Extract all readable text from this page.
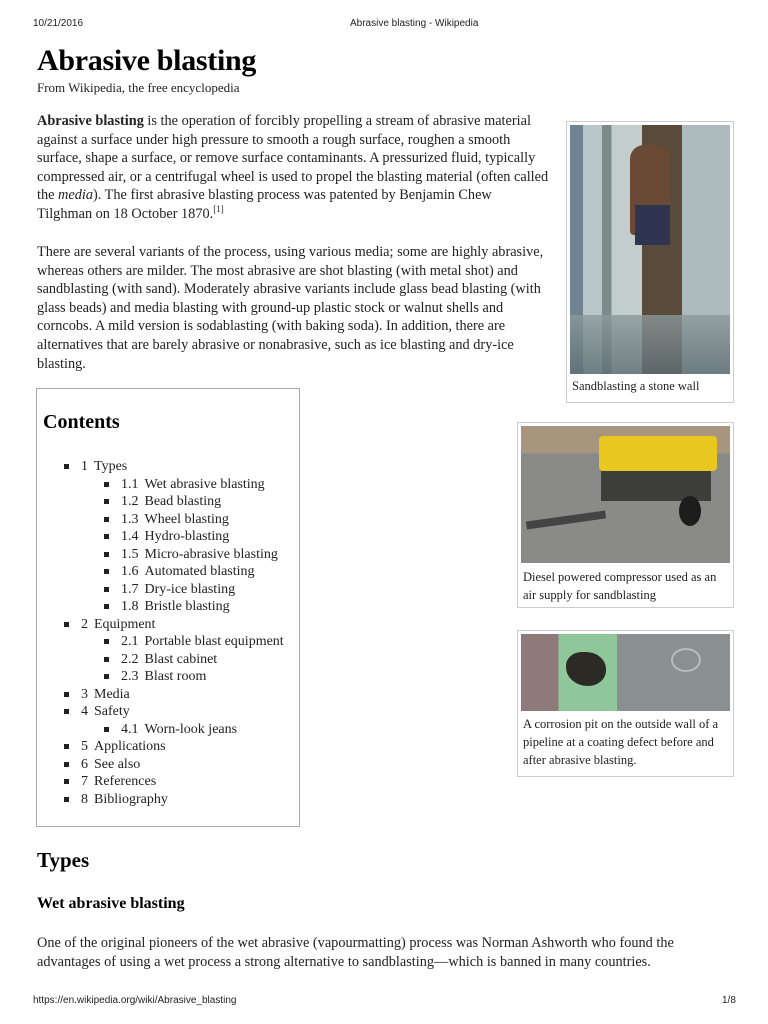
10/21/2016	Abrasive blasting - Wikipedia
Abrasive blasting
From Wikipedia, the free encyclopedia

Abrasive blasting is the operation of forcibly propelling a stream of abrasive material against a surface under high pressure to smooth a rough surface, roughen a smooth surface, shape a surface, or remove surface contaminants. A pressurized fluid, typically compressed air, or a centrifugal wheel is used to propel the blasting material (often called the media). The first abrasive blasting process was patented by Benjamin Chew Tilghman on 18 October 1870.[1]

There are several variants of the process, using various media; some are highly abrasive, whereas others are milder. The most abrasive are shot blasting (with metal shot) and sandblasting (with sand). Moderately abrasive variants include glass bead blasting (with glass beads) and media blasting with ground-up plastic stock or walnut shells and corncobs. A mild version is sodablasting (with baking soda). In addition, there are alternatives that are barely abrasive or nonabrasive, such as ice blasting and dry-ice blasting.

Sandblasting a stone wall
Diesel powered compressor used as an air supply for sandblasting
A corrosion pit on the outside wall of a pipeline at a coating defect before and after abrasive blasting.
Contents
1 Types
1.1 Wet abrasive blasting
1.2 Bead blasting
1.3 Wheel blasting
1.4 Hydro-blasting
1.5 Micro-abrasive blasting
1.6 Automated blasting
1.7 Dry-ice blasting
1.8 Bristle blasting
2 Equipment
2.1 Portable blast equipment
2.2 Blast cabinet
2.3 Blast room
3 Media
4 Safety
4.1 Worn-look jeans
5 Applications
6 See also
7 References
8 Bibliography
Types
Wet abrasive blasting

One of the original pioneers of the wet abrasive (vapourmatting) process was Norman Ashworth who found the advantages of using a wet process a strong alternative to sandblasting—which is banned in many countries.

https://en.wikipedia.org/wiki/Abrasive_blasting	1/8
